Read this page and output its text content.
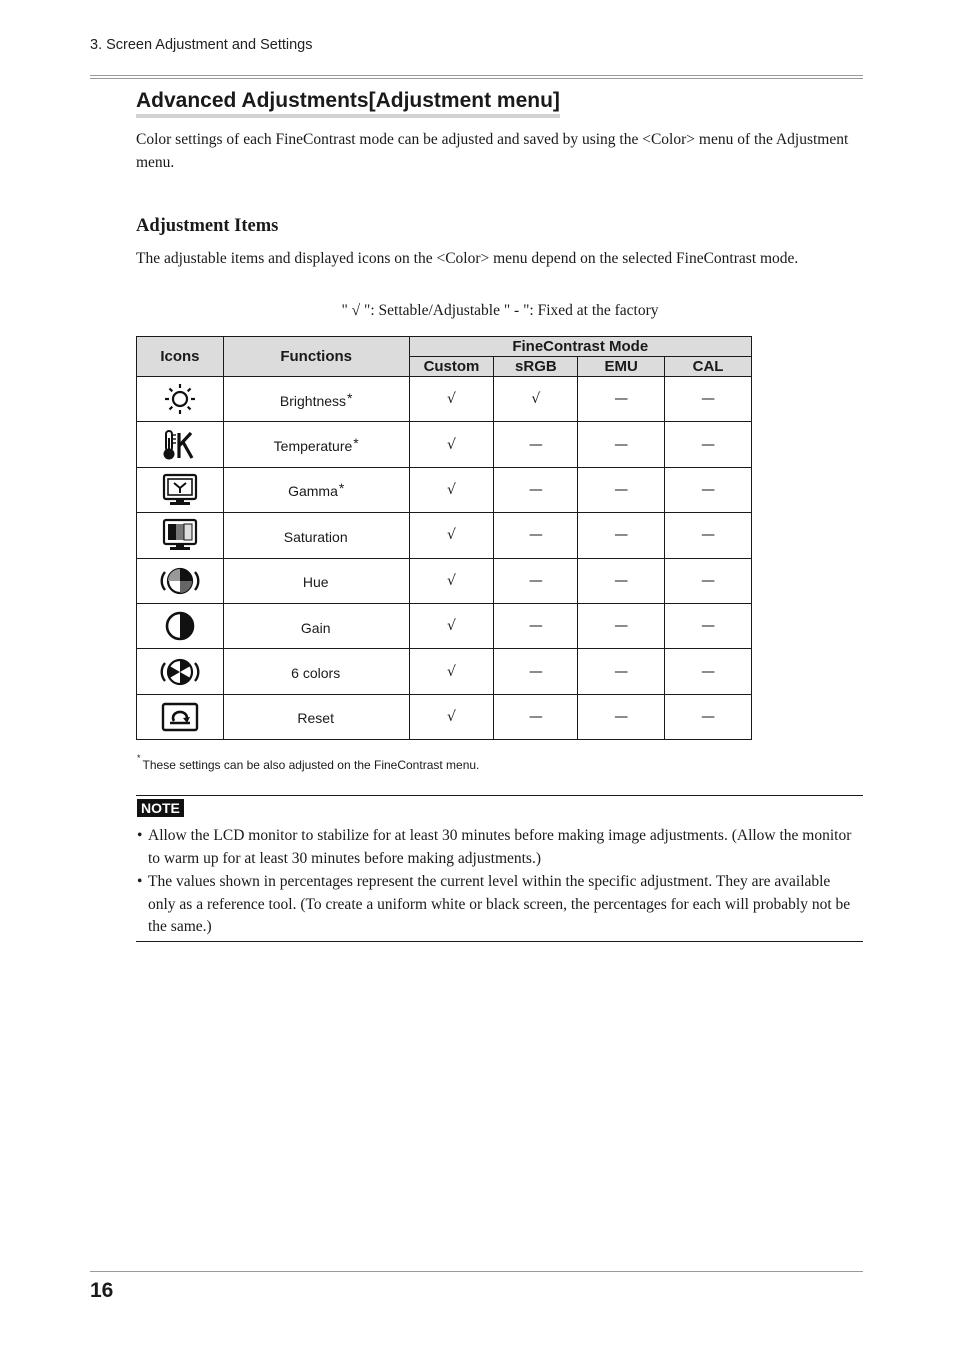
3. Screen Adjustment and Settings
Advanced Adjustments[Adjustment menu]

Color settings of each FineContrast mode can be adjusted and saved by using the <Color> menu of the Adjustment menu.

Adjustment Items

The adjustable items and displayed icons on the <Color> menu depend on the selected FineContrast mode.

" √ ": Settable/Adjustable " - ": Fixed at the factory
Icons	Functions	FineContrast Mode			
		Custom	sRGB	EMU	CAL

	Brightness*	√	√	—	—

	Temperature*	√	—	—	—

	Gamma*	√	—	—	—

	Saturation	√	—	—	—

	Hue	√	—	—	—

	Gain	√	—	—	—

	6 colors	√	—	—	—

	Reset	√	—	—	—
* These settings can be also adjusted on the FineContrast menu.
NOTE
• Allow the LCD monitor to stabilize for at least 30 minutes before making image adjustments. (Allow the monitor to warm up for at least 30 minutes before making adjustments.)
• The values shown in percentages represent the current level within the specific adjustment. They are available only as a reference tool. (To create a uniform white or black screen, the percentages for each will probably not be the same.)
16
